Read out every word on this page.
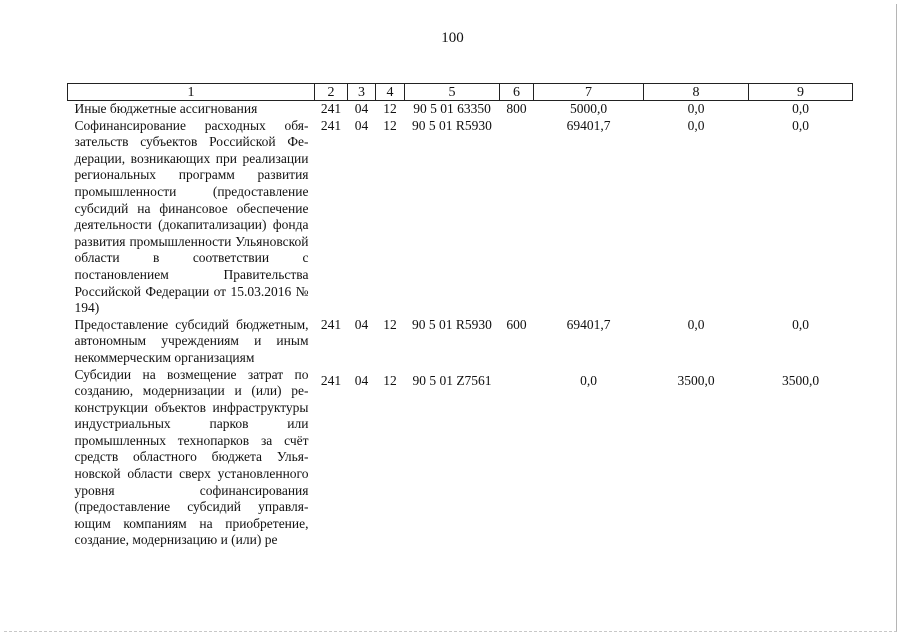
100
1	2	3	4	5	6	7	8	9
Иные бюджетные ассигнования	241	04	12	90 5 01 63350	800	5000,0	0,0	0,0
Софинансирование расходных обязательств субъектов Российской Федерации, возникающих при реализации региональных программ развития промышленности (предоставление субсидий на финансовое обеспечение деятельности (докапитализации) фонда развития промышленности Ульяновской области в соответствии с постановлением Правительства Российской Федерации от 15.03.2016 № 194)	241	04	12	90 5 01 R5930		69401,7	0,0	0,0
Предоставление субсидий бюджетным, автономным учреждениям и иным некоммерческим организациям	241	04	12	90 5 01 R5930	600	69401,7	0,0	0,0
Субсидии на возмещение затрат по созданию, модернизации и (или) реконструкции объектов инфраструктуры индустриальных парков или промышленных технопарков за счёт средств областного бюджета Ульяновской области сверх установленного уровня софинансирования (предоставление субсидий управляющим компаниям на приобретение, создание, модернизацию и (или) ре	241	04	12	90 5 01 Z7561		0,0	3500,0	3500,0
